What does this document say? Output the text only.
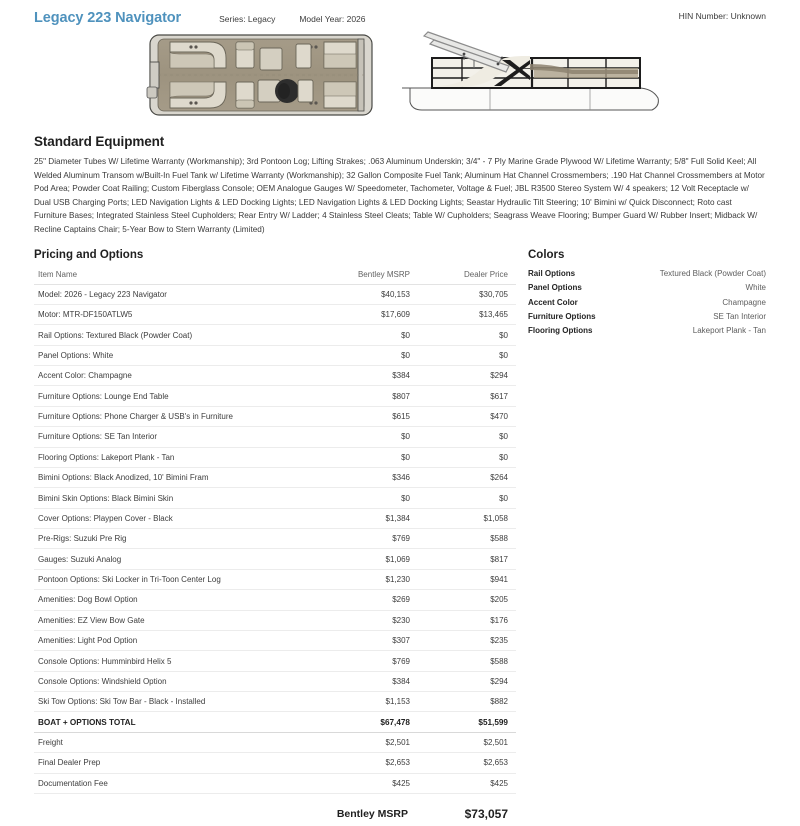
Legacy 223 Navigator	Series: Legacy	Model Year: 2026	HIN Number: Unknown
Standard Equipment

25" Diameter Tubes W/ Lifetime Warranty (Workmanship); 3rd Pontoon Log; Lifting Strakes; .063 Aluminum Underskin; 3/4" - 7 Ply Marine Grade Plywood W/ Lifetime Warranty; 5/8" Full Solid Keel; All Welded Aluminum Transom w/Built-In Fuel Tank w/ Lifetime Warranty (Workmanship); 32 Gallon Composite Fuel Tank; Aluminum Hat Channel Crossmembers; .190 Hat Channel Crossmembers at Motor Pod Area; Powder Coat Railing; Custom Fiberglass Console; OEM Analogue Gauges W/ Speedometer, Tachometer, Voltage & Fuel; JBL R3500 Stereo System W/ 4 speakers; 12 Volt Receptacle w/ Dual USB Charging Ports; LED Navigation Lights & LED Docking Lights; LED Navigation Lights & LED Docking Lights; Seastar Hydraulic Tilt Steering; 10' Bimini w/ Quick Disconnect; Roto cast Furniture Bases; Integrated Stainless Steel Cupholders; Rear Entry W/ Ladder; 4 Stainless Steel Cleats; Table W/ Cupholders; Seagrass Weave Flooring; Bumper Guard W/ Rubber Insert; Midback W/ Recline Captains Chair; 5-Year Bow to Stern Warranty (Limited)

Pricing and Options
Item Name	Bentley MSRP	Dealer Price
Model: 2026 - Legacy 223 Navigator	$40,153	$30,705
Motor: MTR-DF150ATLW5	$17,609	$13,465
Rail Options: Textured Black (Powder Coat)	$0	$0
Panel Options: White	$0	$0
Accent Color: Champagne	$384	$294
Furniture Options: Lounge End Table	$807	$617
Furniture Options: Phone Charger & USB's in Furniture	$615	$470
Furniture Options: SE Tan Interior	$0	$0
Flooring Options: Lakeport Plank - Tan	$0	$0
Bimini Options: Black Anodized, 10' Bimini Fram	$346	$264
Bimini Skin Options: Black Bimini Skin	$0	$0
Cover Options: Playpen Cover - Black	$1,384	$1,058
Pre-Rigs: Suzuki Pre Rig	$769	$588
Gauges: Suzuki Analog	$1,069	$817
Pontoon Options: Ski Locker in Tri-Toon Center Log	$1,230	$941
Amenities: Dog Bowl Option	$269	$205
Amenities: EZ View Bow Gate	$230	$176
Amenities: Light Pod Option	$307	$235
Console Options: Humminbird Helix 5	$769	$588
Console Options: Windshield Option	$384	$294
Ski Tow Options: Ski Tow Bar - Black - Installed	$1,153	$882
BOAT + OPTIONS TOTAL	$67,478	$51,599
Freight	$2,501	$2,501
Final Dealer Prep	$2,653	$2,653
Documentation Fee	$425	$425
	Bentley MSRP	$73,057
Colors
Rail Options	Textured Black (Powder Coat)
Panel Options	White
Accent Color	Champagne
Furniture Options	SE Tan Interior
Flooring Options	Lakeport Plank - Tan
